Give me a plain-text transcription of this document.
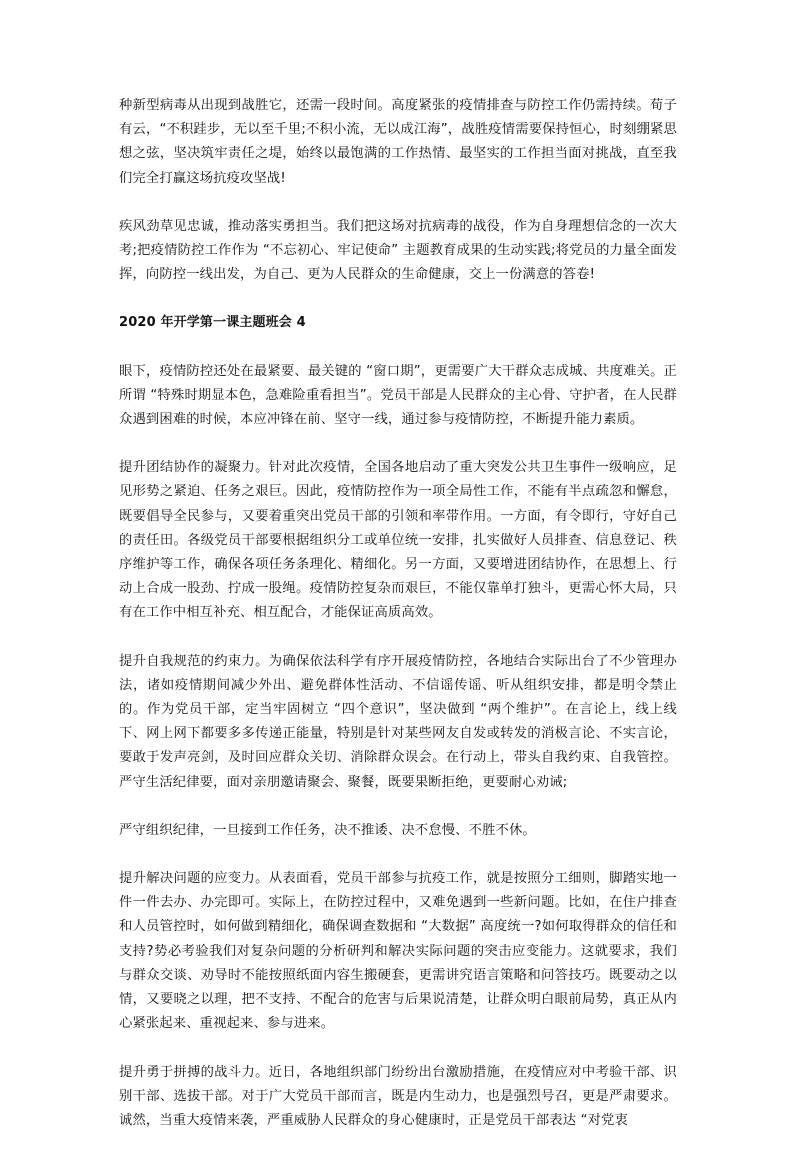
种新型病毒从出现到战胜它，还需一段时间。高度紧张的疫情排查与防控工作仍需持续。荀子有云，“不积跬步，无以至千里;不积小流，无以成江海”，战胜疫情需要保持恒心，时刻绷紧思想之弦，坚决筑牢责任之堤，始终以最饱满的工作热情、最坚实的工作担当面对挑战，直至我们完全打赢这场抗疫攻坚战!

疾风劲草见忠诚，推动落实勇担当。我们把这场对抗病毒的战役，作为自身理想信念的一次大考;把疫情防控工作作为 “不忘初心、牢记使命” 主题教育成果的生动实践;将党员的力量全面发挥，向防控一线出发，为自己、更为人民群众的生命健康，交上一份满意的答卷!

2020 年开学第一课主题班会 4

眼下，疫情防控还处在最紧要、最关键的 “窗口期”，更需要广大干群众志成城、共度难关。正所谓 “特殊时期显本色，急难险重看担当”。党员干部是人民群众的主心骨、守护者，在人民群众遇到困难的时候，本应冲锋在前、坚守一线，通过参与疫情防控，不断提升能力素质。

提升团结协作的凝聚力。针对此次疫情，全国各地启动了重大突发公共卫生事件一级响应，足见形势之紧迫、任务之艰巨。因此，疫情防控作为一项全局性工作，不能有半点疏忽和懈怠，既要倡导全民参与，又要着重突出党员干部的引领和率带作用。一方面，有令即行，守好自己的责任田。各级党员干部要根据组织分工或单位统一安排，扎实做好人员排查、信息登记、秩序维护等工作，确保各项任务条理化、精细化。另一方面，又要增进团结协作，在思想上、行动上合成一股劲、拧成一股绳。疫情防控复杂而艰巨，不能仅靠单打独斗，更需心怀大局，只有在工作中相互补充、相互配合，才能保证高质高效。

提升自我规范的约束力。为确保依法科学有序开展疫情防控，各地结合实际出台了不少管理办法，诸如疫情期间减少外出、避免群体性活动、不信谣传谣、听从组织安排，都是明令禁止的。作为党员干部，定当牢固树立 “四个意识”，坚决做到 “两个维护”。在言论上，线上线下、网上网下都要多多传递正能量，特别是针对某些网友自发或转发的消极言论、不实言论，要敢于发声亮剑，及时回应群众关切、消除群众误会。在行动上，带头自我约束、自我管控。严守生活纪律要，面对亲朋邀请聚会、聚餐，既要果断拒绝，更要耐心劝诫;

严守组织纪律，一旦接到工作任务，决不推诿、决不怠慢、不胜不休。

提升解决问题的应变力。从表面看，党员干部参与抗疫工作，就是按照分工细则，脚踏实地一件一件去办、办完即可。实际上，在防控过程中，又难免遇到一些新问题。比如，在住户排查和人员管控时，如何做到精细化，确保调查数据和 “大数据” 高度统一?如何取得群众的信任和支持?势必考验我们对复杂问题的分析研判和解决实际问题的突击应变能力。这就要求，我们与群众交谈、劝导时不能按照纸面内容生搬硬套，更需讲究语言策略和问答技巧。既要动之以情，又要晓之以理，把不支持、不配合的危害与后果说清楚，让群众明白眼前局势，真正从内心紧张起来、重视起来、参与进来。

提升勇于拼搏的战斗力。近日，各地组织部门纷纷出台激励措施，在疫情应对中考验干部、识别干部、选拔干部。对于广大党员干部而言，既是内生动力，也是强烈号召，更是严肃要求。诚然，当重大疫情来袭，严重威胁人民群众的身心健康时，正是党员干部表达 “对党衷
